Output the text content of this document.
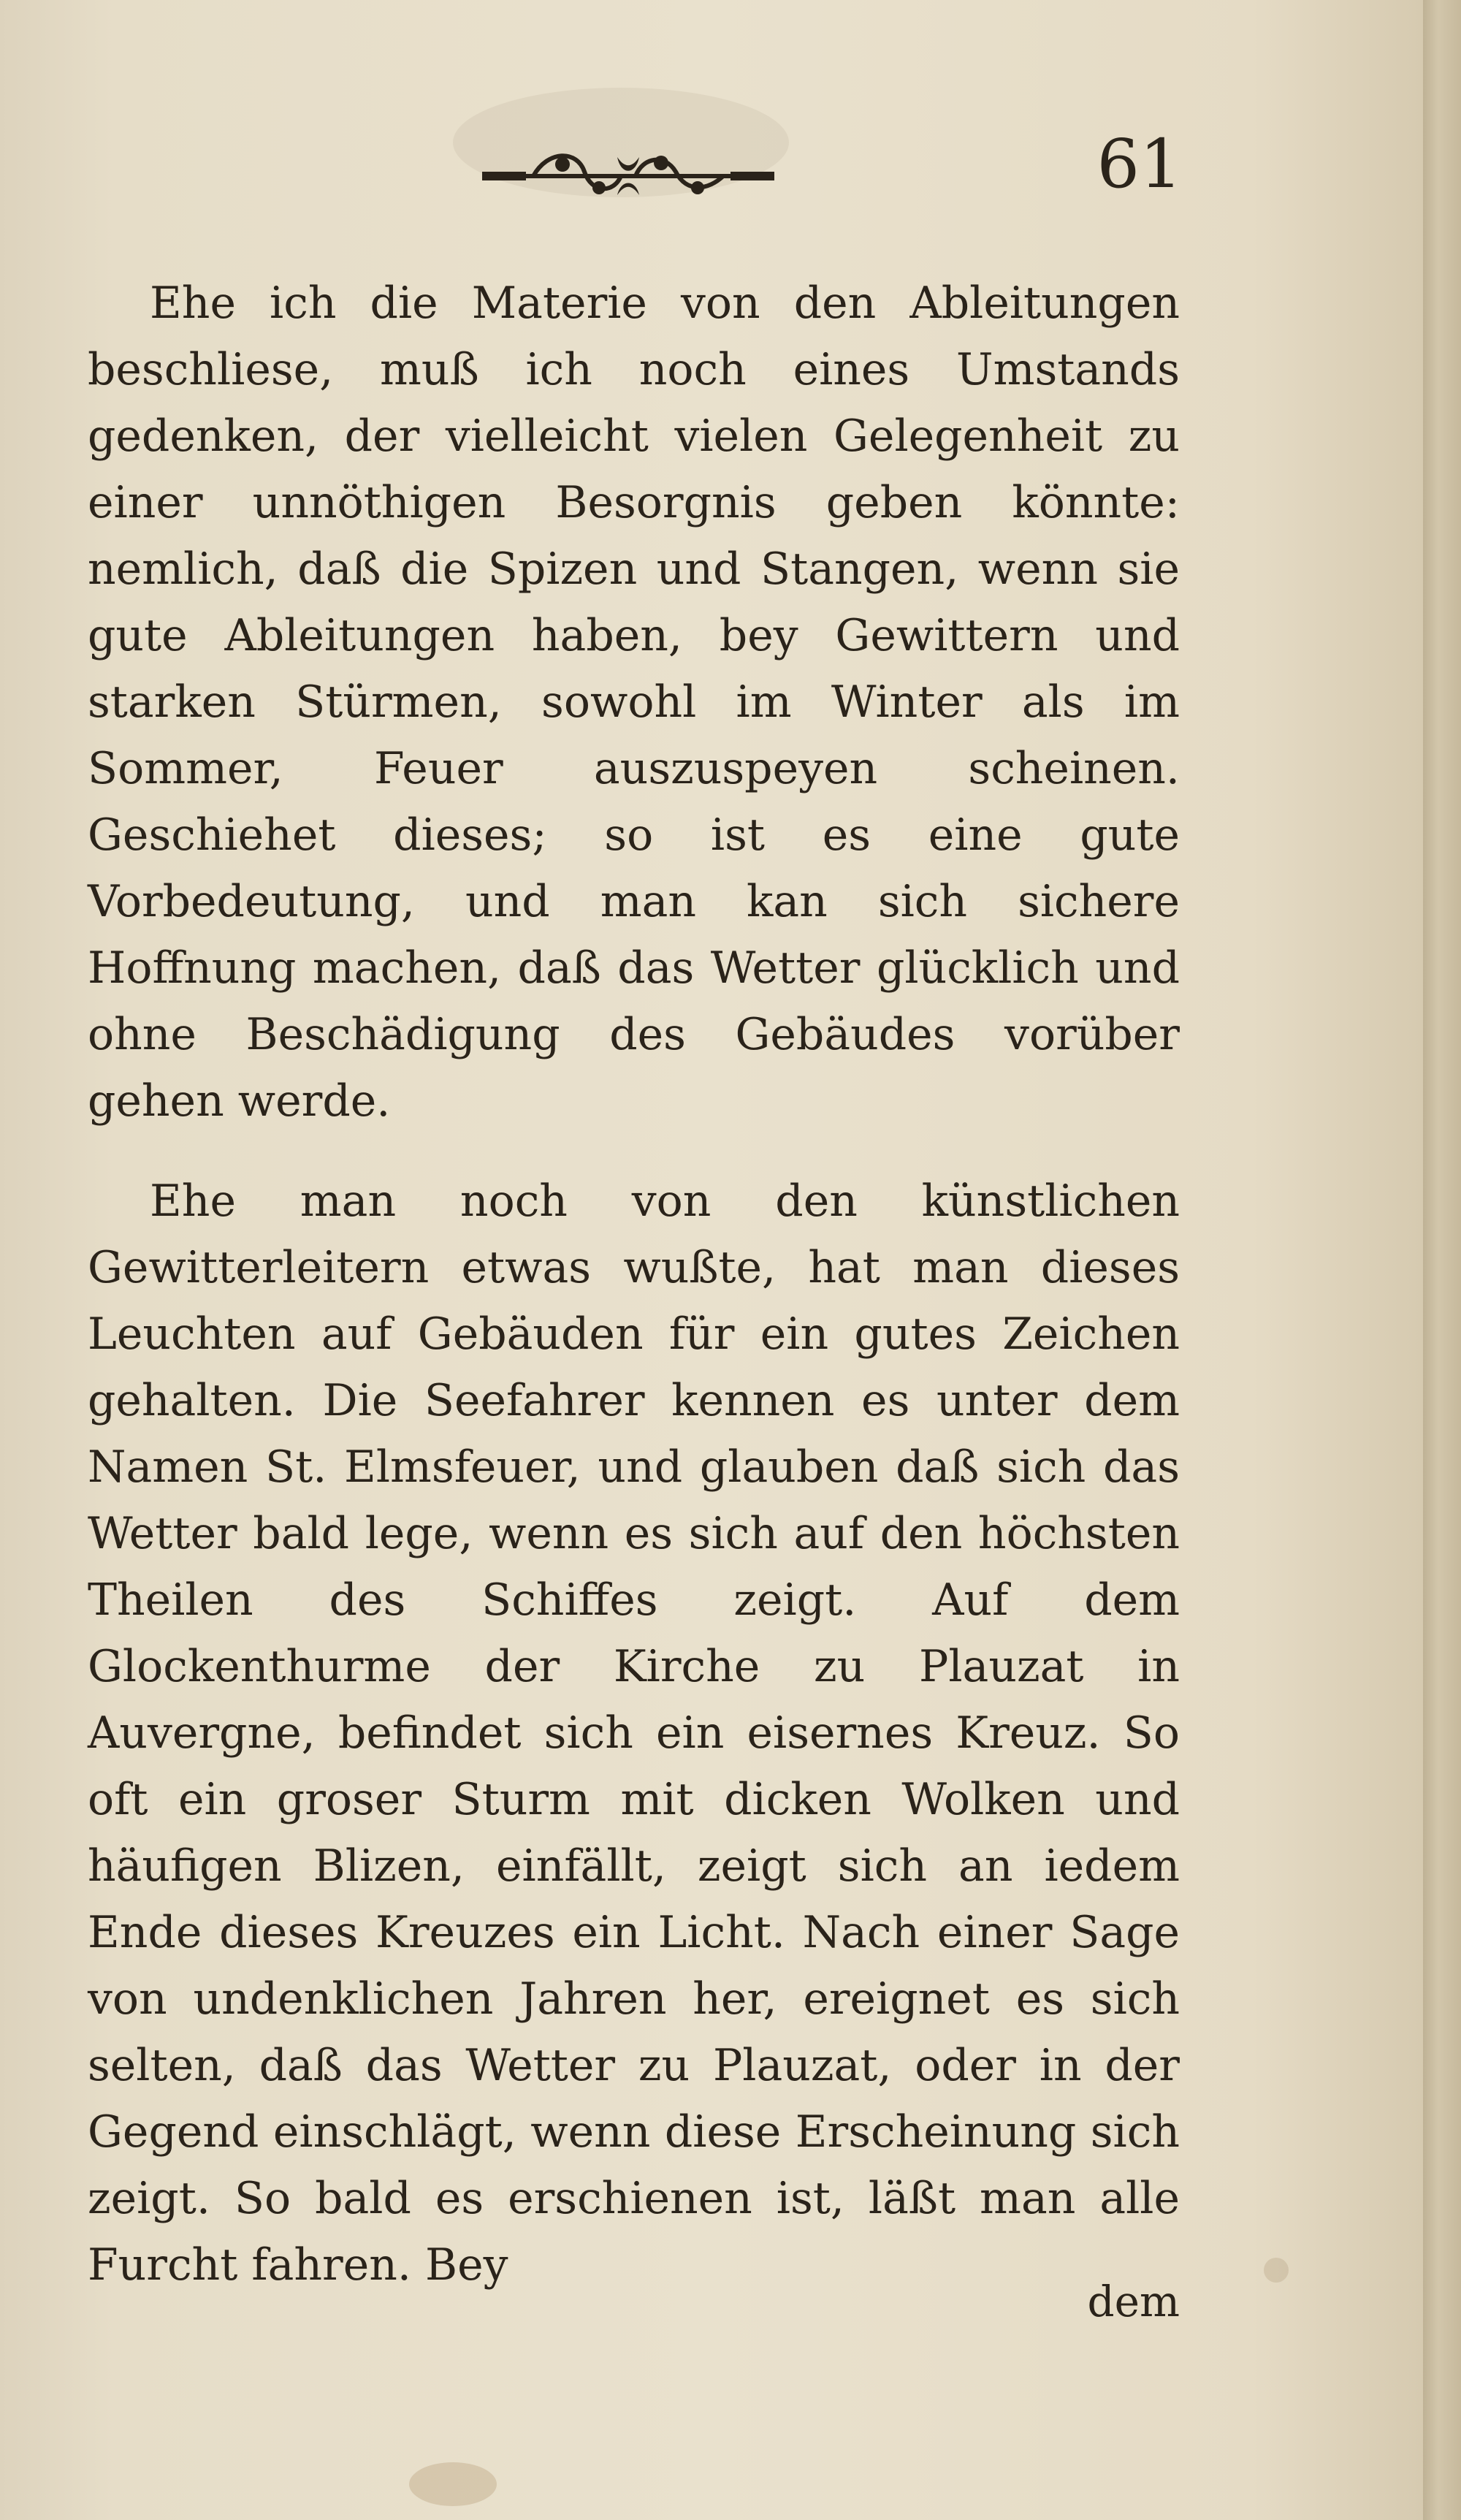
61

Ehe ich die Materie von den Ableitungen beschliese, muß ich noch eines Umstands gedenken, der vielleicht vielen Gelegenheit zu einer unnöthigen Besorgnis geben könnte: nemlich, daß die Spizen und Stangen, wenn sie gute Ableitungen haben, bey Gewittern und starken Stürmen, sowohl im Winter als im Sommer, Feuer auszuspeyen scheinen. Geschiehet dieses; so ist es eine gute Vorbedeutung, und man kan sich sichere Hoffnung machen, daß das Wetter glücklich und ohne Beschädigung des Gebäudes vorüber gehen werde.

Ehe man noch von den künstlichen Gewitterleitern etwas wußte, hat man dieses Leuchten auf Gebäuden für ein gutes Zeichen gehalten. Die Seefahrer kennen es unter dem Namen St. Elmsfeuer, und glauben daß sich das Wetter bald lege, wenn es sich auf den höchsten Theilen des Schiffes zeigt. Auf dem Glockenthurme der Kirche zu Plauzat in Auvergne, befindet sich ein eisernes Kreuz. So oft ein groser Sturm mit dicken Wolken und häufigen Blizen, einfällt, zeigt sich an iedem Ende dieses Kreuzes ein Licht. Nach einer Sage von undenklichen Jahren her, ereignet es sich selten, daß das Wetter zu Plauzat, oder in der Gegend einschlägt, wenn diese Erscheinung sich zeigt. So bald es erschienen ist, läßt man alle Furcht fahren. Bey

dem
